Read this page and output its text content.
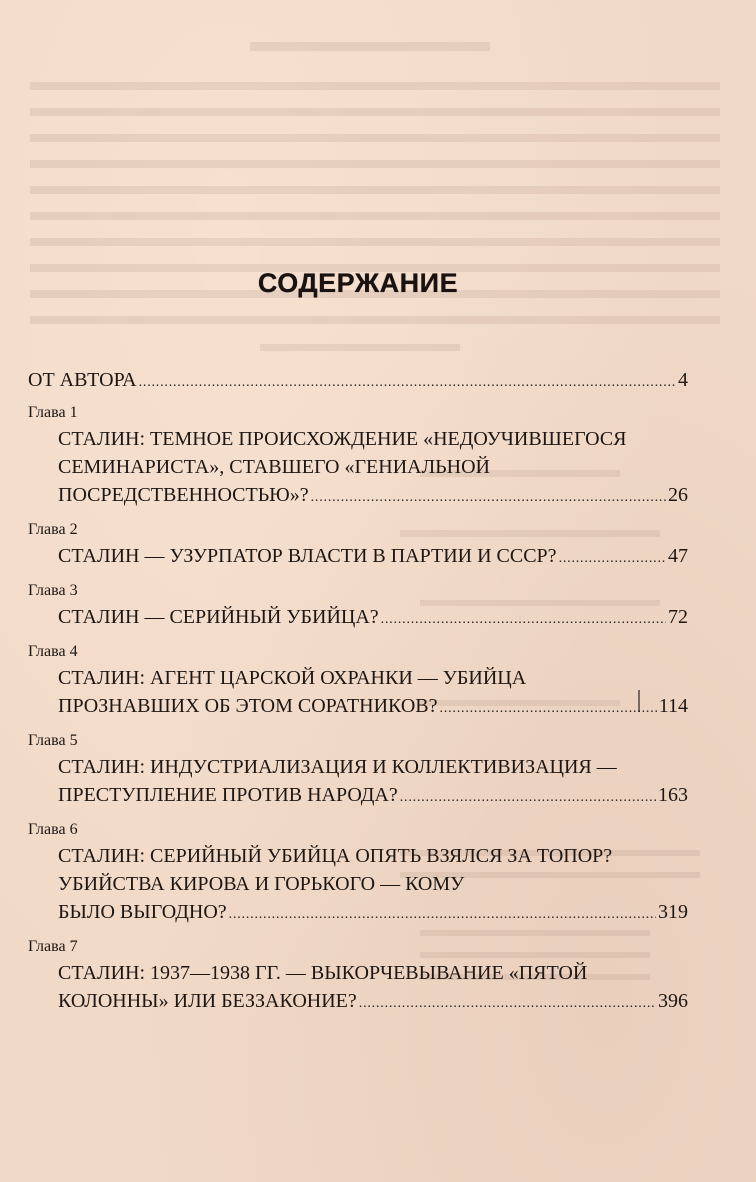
СОДЕРЖАНИЕ
ОТ АВТОРА .....	4
Глава 1
СТАЛИН: ТЕМНОЕ ПРОИСХОЖДЕНИЕ «НЕДОУЧИВШЕГОСЯ
СЕМИНАРИСТА», СТАВШЕГО «ГЕНИАЛЬНОЙ
ПОСРЕДСТВЕННОСТЬЮ»? .....	26
Глава 2
СТАЛИН — УЗУРПАТОР ВЛАСТИ В ПАРТИИ И СССР? .....	47
Глава 3
СТАЛИН — СЕРИЙНЫЙ УБИЙЦА? .....	72
Глава 4
СТАЛИН: АГЕНТ ЦАРСКОЙ ОХРАНКИ — УБИЙЦА
ПРОЗНАВШИХ ОБ ЭТОМ СОРАТНИКОВ? .....	114
Глава 5
СТАЛИН: ИНДУСТРИАЛИЗАЦИЯ И КОЛЛЕКТИВИЗАЦИЯ —
ПРЕСТУПЛЕНИЕ ПРОТИВ НАРОДА? .....	163
Глава 6
СТАЛИН: СЕРИЙНЫЙ УБИЙЦА ОПЯТЬ ВЗЯЛСЯ ЗА ТОПОР?
УБИЙСТВА КИРОВА И ГОРЬКОГО — КОМУ
БЫЛО ВЫГОДНО? .....	319
Глава 7
СТАЛИН: 1937—1938 ГГ. — ВЫКОРЧЕВЫВАНИЕ «ПЯТОЙ
КОЛОННЫ» ИЛИ БЕЗЗАКОНИЕ? .....	396
